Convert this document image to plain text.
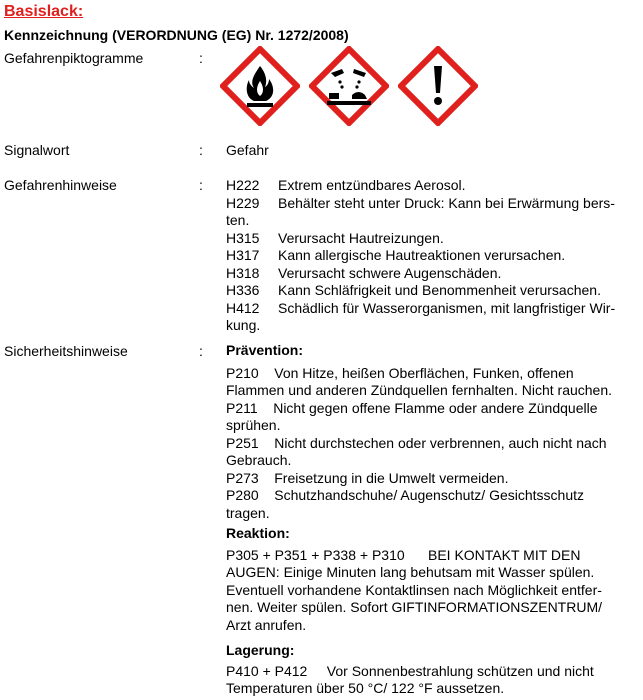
Basislack:
Kennzeichnung (VERORDNUNG (EG) Nr. 1272/2008)
Gefahrenpiktogramme	:
Signalwort	: Gefahr
Gefahrenhinweise	: H222 Extrem entzündbares Aerosol.
H229 Behälter steht unter Druck: Kann bei Erwärmung bers-
ten.
H315 Verursacht Hautreizungen.
H317 Kann allergische Hautreaktionen verursachen.
H318 Verursacht schwere Augenschäden.
H336 Kann Schläfrigkeit und Benommenheit verursachen.
H412 Schädlich für Wasserorganismen, mit langfristiger Wir-
kung.
Sicherheitshinweise	: Prävention:
P210    Von Hitze, heißen Oberflächen, Funken, offenen
Flammen und anderen Zündquellen fernhalten. Nicht rauchen.
P211    Nicht gegen offene Flamme oder andere Zündquelle
sprühen.
P251    Nicht durchstechen oder verbrennen, auch nicht nach
Gebrauch.
P273    Freisetzung in die Umwelt vermeiden.
P280    Schutzhandschuhe/ Augenschutz/ Gesichtsschutz
tragen.
Reaktion:
P305 + P351 + P338 + P310      BEI KONTAKT MIT DEN
AUGEN: Einige Minuten lang behutsam mit Wasser spülen.
Eventuell vorhandene Kontaktlinsen nach Möglichkeit entfer-
nen. Weiter spülen. Sofort GIFTINFORMATIONSZENTRUM/
Arzt anrufen.
Lagerung:
P410 + P412     Vor Sonnenbestrahlung schützen und nicht
Temperaturen über 50 °C/ 122 °F aussetzen.
